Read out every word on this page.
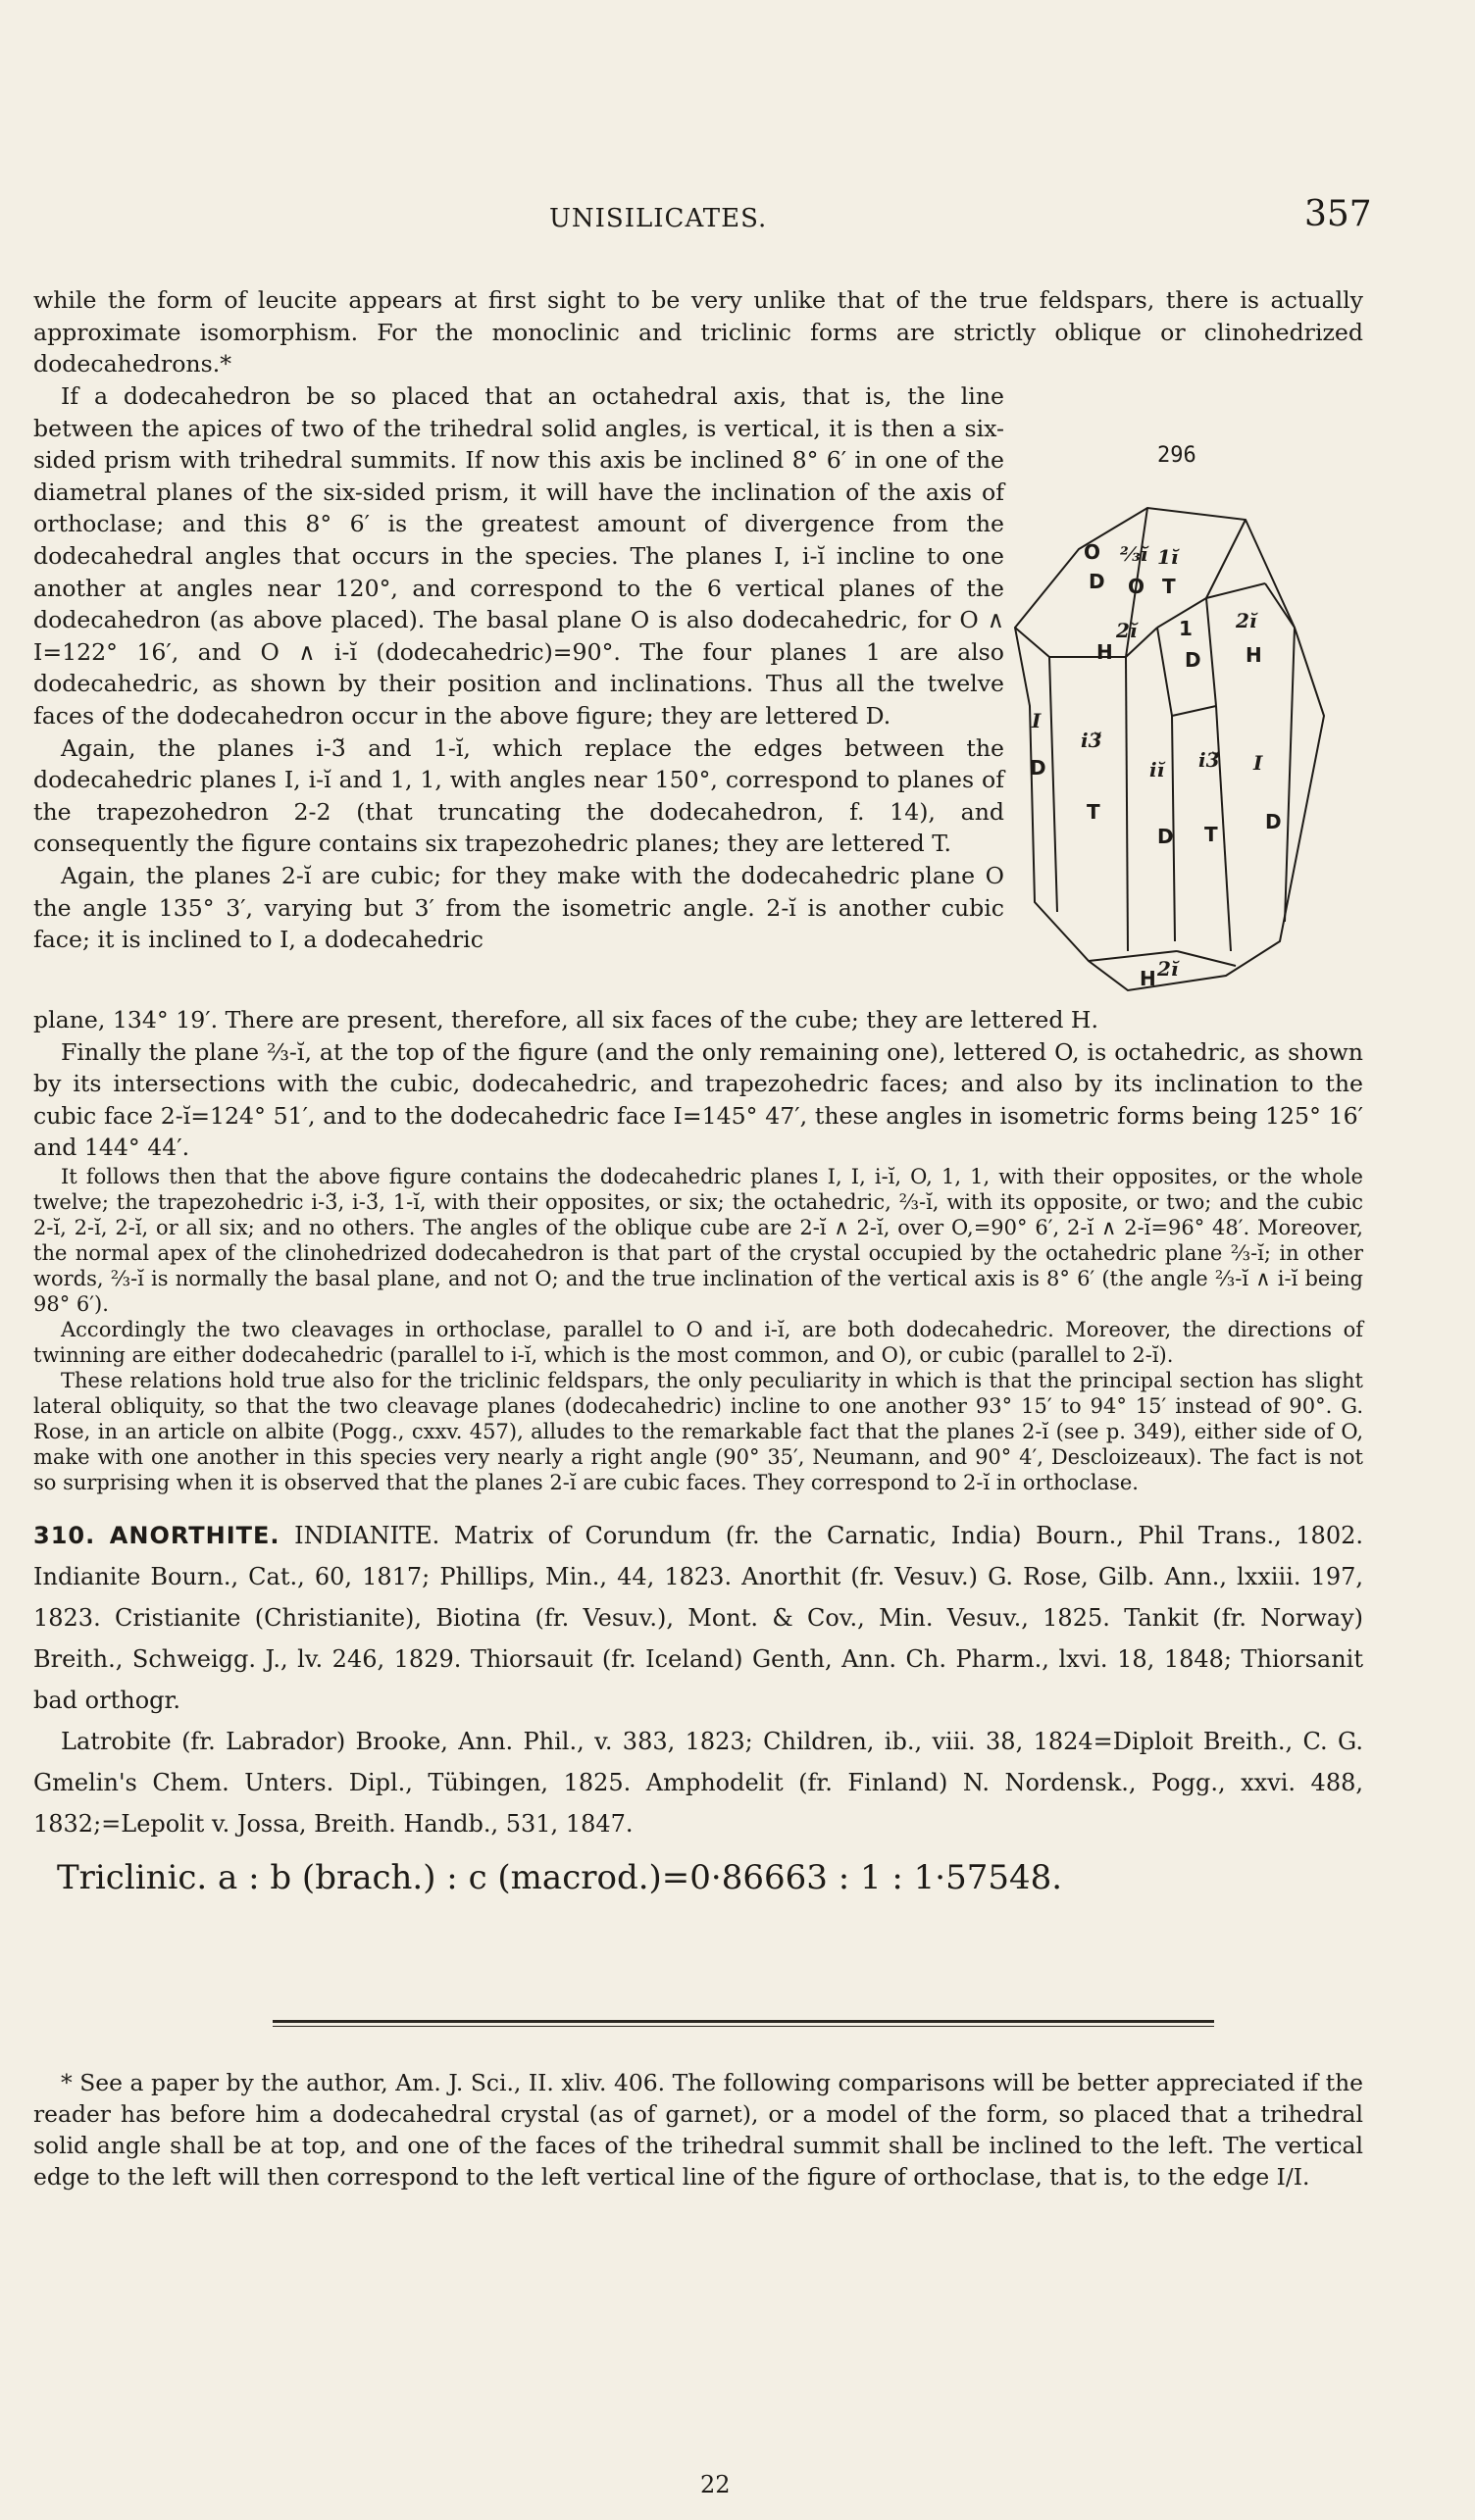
UNISILICATES.	357

while the form of leucite appears at first sight to be very unlike that of the true feldspars, there is actually approximate isomorphism. For the monoclinic and triclinic forms are strictly oblique or clinohedrized dodecahedrons.*

If a dodecahedron be so placed that an octahedral axis, that is, the line between the apices of two of the trihedral solid angles, is vertical, it is then a six-sided prism with trihedral summits. If now this axis be inclined 8° 6′ in one of the diametral planes of the six-sided prism, it will have the inclination of the axis of orthoclase; and this 8° 6′ is the greatest amount of divergence from the dodecahedral angles that occurs in the species. The planes I, i-ĭ incline to one another at angles near 120°, and correspond to the 6 vertical planes of the dodecahedron (as above placed). The basal plane O is also dodecahedric, for O ∧ I=122° 16′, and O ∧ i-ĭ (dodecahedric)=90°. The four planes 1 are also dodecahedric, as shown by their position and inclinations. Thus all the twelve faces of the dodecahedron occur in the above figure; they are lettered D.

Again, the planes i-3̆ and 1-ĭ, which replace the edges between the dodecahedric planes I, i-ĭ and 1, 1, with angles near 150°, correspond to planes of the trapezohedron 2-2 (that truncating the dodecahedron, f. 14), and consequently the figure contains six trapezohedric planes; they are lettered T.

Again, the planes 2-ĭ are cubic; for they make with the dodecahedric plane O the angle 135° 3′, varying but 3′ from the isometric angle. 2-ĭ is another cubic face; it is inclined to I, a dodecahedric

296
O
D
⅔ĭ
O
1ĭ
T
2ĭ
H
2ĭ
H
1
D
I
D
i3̆
T
iĭ
D
i3̆
T
I
D
2ĭ
H

plane, 134° 19′. There are present, therefore, all six faces of the cube; they are lettered H.

Finally the plane ⅔-ĭ, at the top of the figure (and the only remaining one), lettered O, is octahedric, as shown by its intersections with the cubic, dodecahedric, and trapezohedric faces; and also by its inclination to the cubic face 2-ĭ=124° 51′, and to the dodecahedric face I=145° 47′, these angles in isometric forms being 125° 16′ and 144° 44′.

310. ANORTHITE. INDIANITE. Matrix of Corundum (fr. the Carnatic, India) Bourn., Phil Trans., 1802. Indianite Bourn., Cat., 60, 1817; Phillips, Min., 44, 1823. Anorthit (fr. Vesuv.) G. Rose, Gilb. Ann., lxxiii. 197, 1823. Cristianite (Christianite), Biotina (fr. Vesuv.), Mont. & Cov., Min. Vesuv., 1825. Tankit (fr. Norway) Breith., Schweigg. J., lv. 246, 1829. Thiorsauit (fr. Iceland) Genth, Ann. Ch. Pharm., lxvi. 18, 1848; Thiorsanit bad orthogr.

Latrobite (fr. Labrador) Brooke, Ann. Phil., v. 383, 1823; Children, ib., viii. 38, 1824=Diploit Breith., C. G. Gmelin's Chem. Unters. Dipl., Tübingen, 1825. Amphodelit (fr. Finland) N. Nordensk., Pogg., xxvi. 488, 1832;=Lepolit v. Jossa, Breith. Handb., 531, 1847.

Triclinic. a : b (brach.) : c (macrod.)=0·86663 : 1 : 1·57548.

* See a paper by the author, Am. J. Sci., II. xliv. 406. The following comparisons will be better appreciated if the reader has before him a dodecahedral crystal (as of garnet), or a model of the form, so placed that a trihedral solid angle shall be at top, and one of the faces of the trihedral summit shall be inclined to the left. The vertical edge to the left will then correspond to the left vertical line of the figure of orthoclase, that is, to the edge I/I.

22

It follows then that the above figure contains the dodecahedric planes I, I, i-ĭ, O, 1, 1, with their opposites, or the whole twelve; the trapezohedric i-3̆, i-3̆, 1-ĭ, with their opposites, or six; the octahedric, ⅔-ĭ, with its opposite, or two; and the cubic 2-ĭ, 2-ĭ, 2-ĭ, or all six; and no others. The angles of the oblique cube are 2-ĭ ∧ 2-ĭ, over O,=90° 6′, 2-ĭ ∧ 2-ĭ=96° 48′. Moreover, the normal apex of the clinohedrized dodecahedron is that part of the crystal occupied by the octahedric plane ⅔-ĭ; in other words, ⅔-ĭ is normally the basal plane, and not O; and the true inclination of the vertical axis is 8° 6′ (the angle ⅔-ĭ ∧ i-ĭ being 98° 6′).

Accordingly the two cleavages in orthoclase, parallel to O and i-ĭ, are both dodecahedric. Moreover, the directions of twinning are either dodecahedric (parallel to i-ĭ, which is the most common, and O), or cubic (parallel to 2-ĭ).

These relations hold true also for the triclinic feldspars, the only peculiarity in which is that the principal section has slight lateral obliquity, so that the two cleavage planes (dodecahedric) incline to one another 93° 15′ to 94° 15′ instead of 90°. G. Rose, in an article on albite (Pogg., cxxv. 457), alludes to the remarkable fact that the planes 2-ĭ (see p. 349), either side of O, make with one another in this species very nearly a right angle (90° 35′, Neumann, and 90° 4′, Descloizeaux). The fact is not so surprising when it is observed that the planes 2-ĭ are cubic faces. They correspond to 2-ĭ in orthoclase.
